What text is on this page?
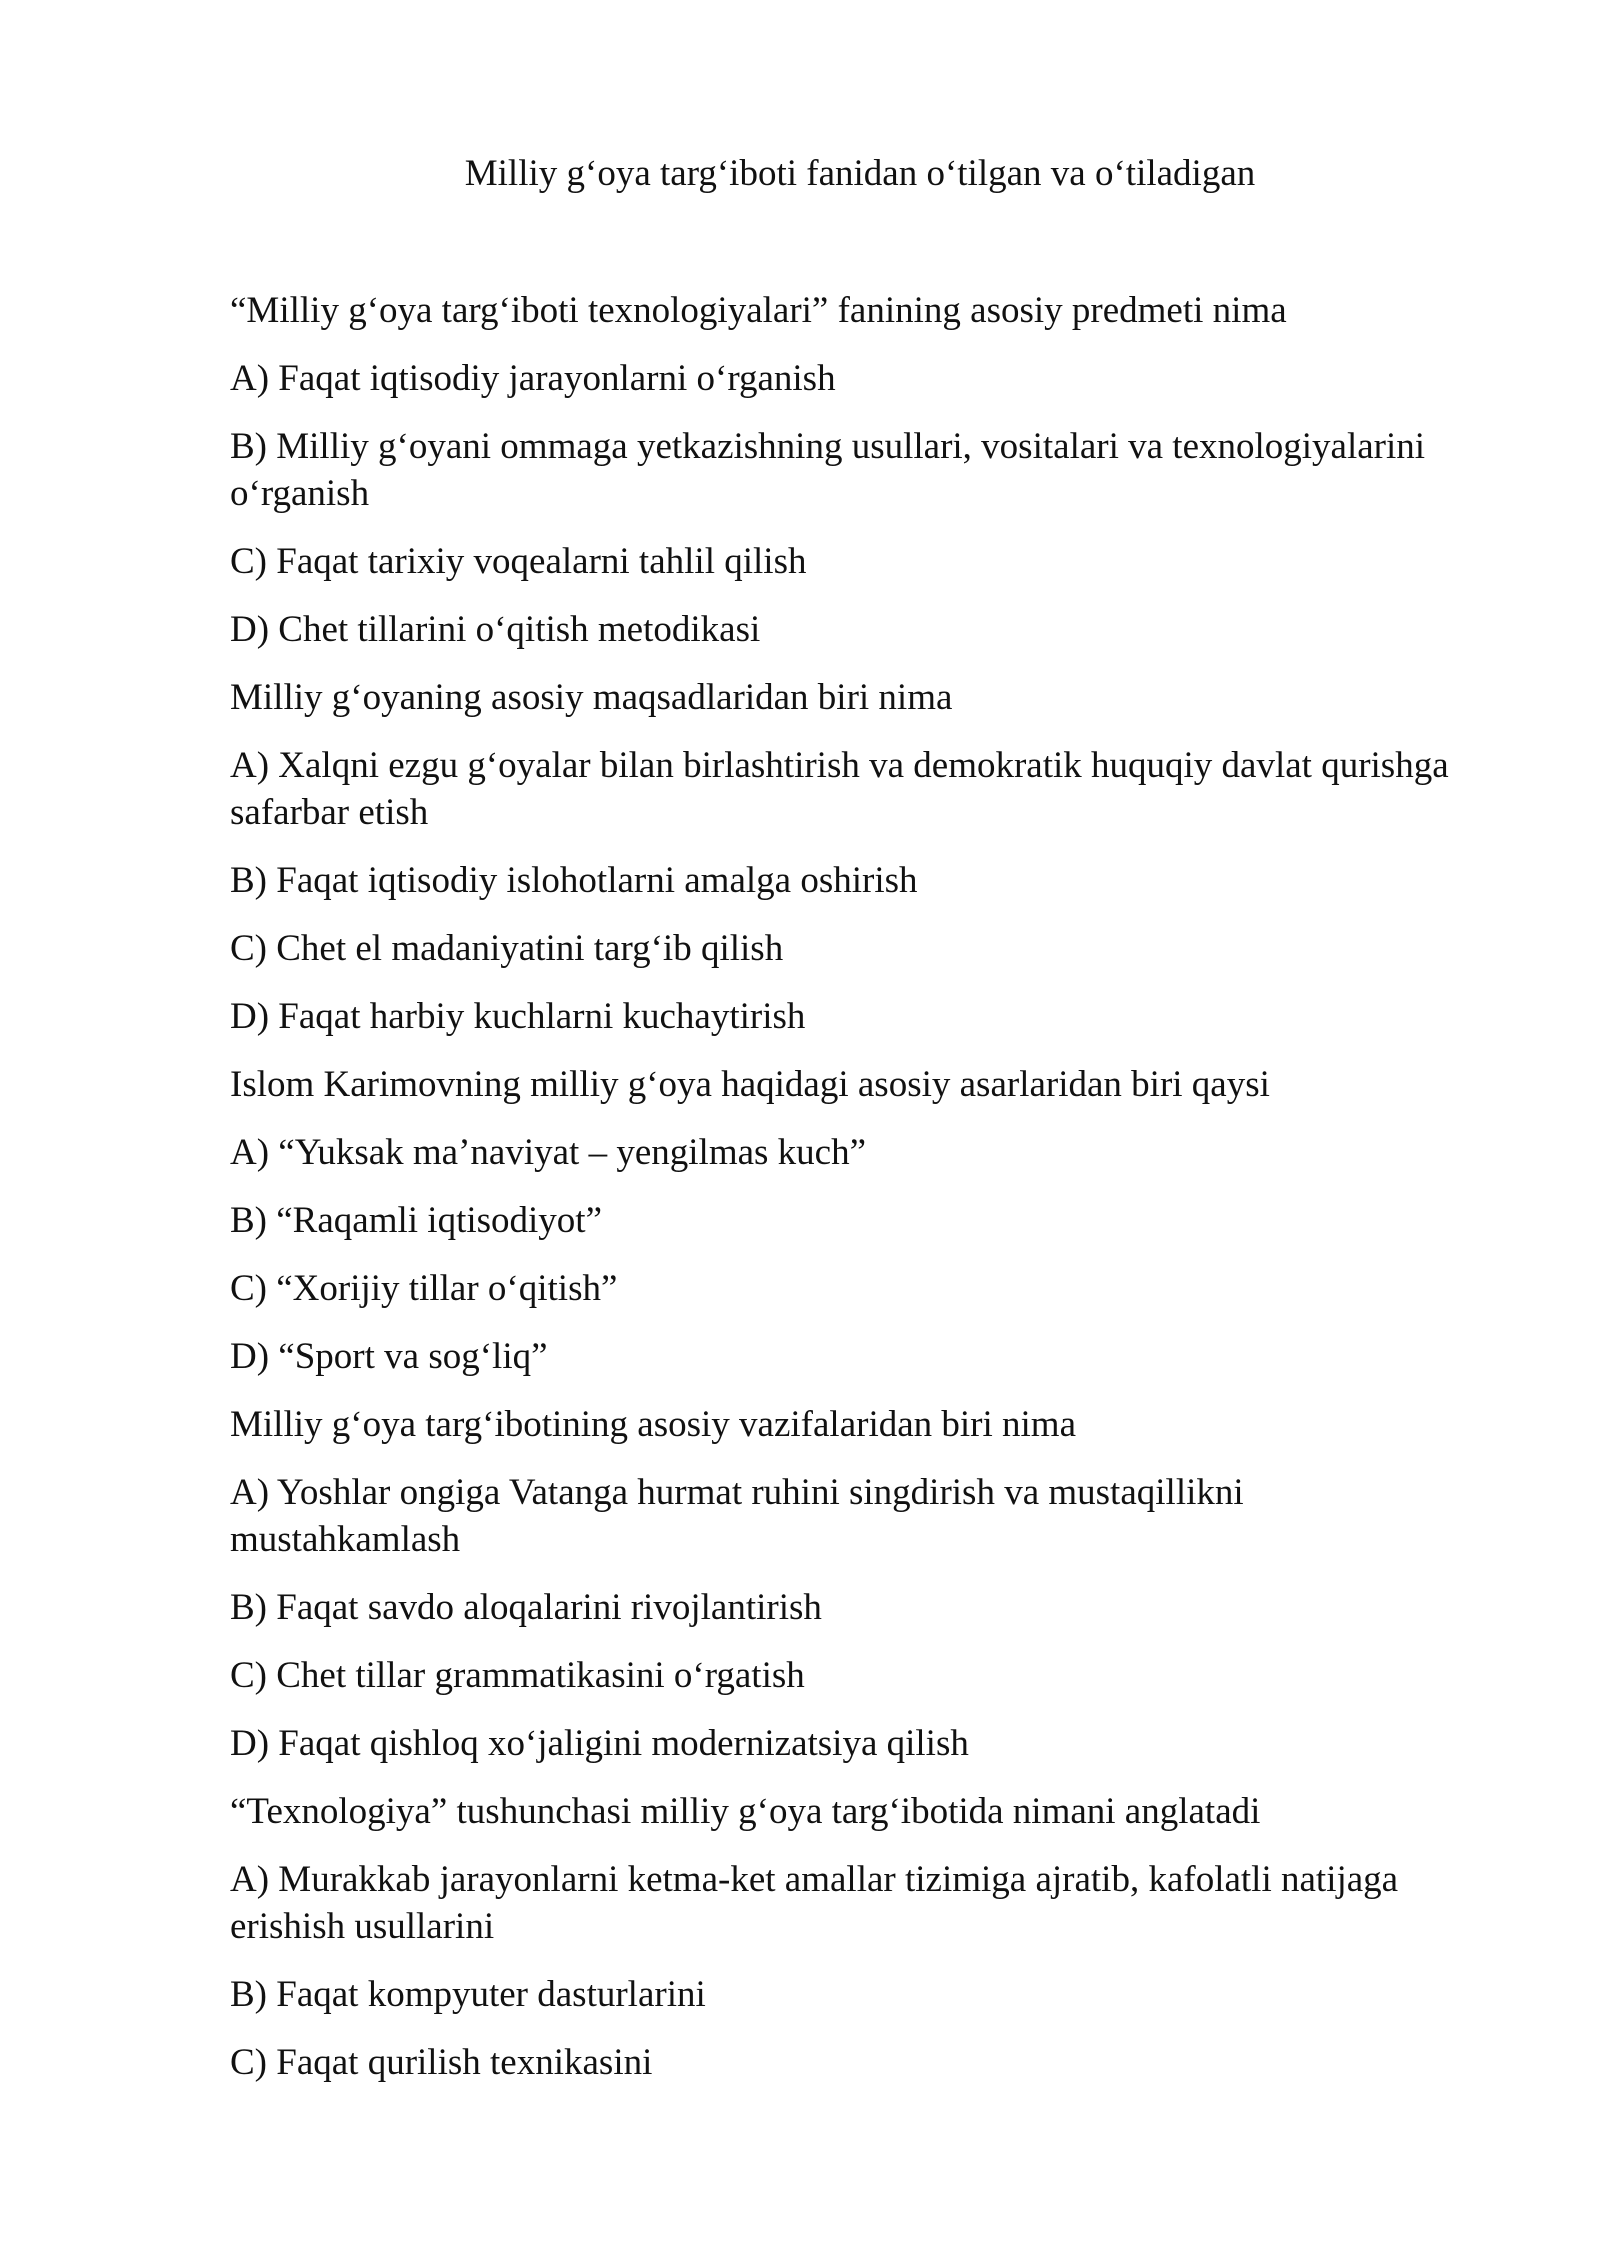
Milliy g‘oya targ‘iboti fanidan o‘tilgan va o‘tiladigan

“Milliy g‘oya targ‘iboti texnologiyalari” fanining asosiy predmeti nima

A) Faqat iqtisodiy jarayonlarni o‘rganish

B) Milliy g‘oyani ommaga yetkazishning usullari, vositalari va texnologiyalarini o‘rganish

C) Faqat tarixiy voqealarni tahlil qilish

D) Chet tillarini o‘qitish metodikasi

Milliy g‘oyaning asosiy maqsadlaridan biri nima

A) Xalqni ezgu g‘oyalar bilan birlashtirish va demokratik huquqiy davlat qurishga safarbar etish

B) Faqat iqtisodiy islohotlarni amalga oshirish

C) Chet el madaniyatini targ‘ib qilish

D) Faqat harbiy kuchlarni kuchaytirish

Islom Karimovning milliy g‘oya haqidagi asosiy asarlaridan biri qaysi

A) “Yuksak ma’naviyat – yengilmas kuch”

B) “Raqamli iqtisodiyot”

C) “Xorijiy tillar o‘qitish”

D) “Sport va sog‘liq”

Milliy g‘oya targ‘ibotining asosiy vazifalaridan biri nima

A) Yoshlar ongiga Vatanga hurmat ruhini singdirish va mustaqillikni mustahkamlash

B) Faqat savdo aloqalarini rivojlantirish

C) Chet tillar grammatikasini o‘rgatish

D) Faqat qishloq xo‘jaligini modernizatsiya qilish

“Texnologiya” tushunchasi milliy g‘oya targ‘ibotida nimani anglatadi

A) Murakkab jarayonlarni ketma-ket amallar tizimiga ajratib, kafolatli natijaga erishish usullarini

B) Faqat kompyuter dasturlarini

C) Faqat qurilish texnikasini
